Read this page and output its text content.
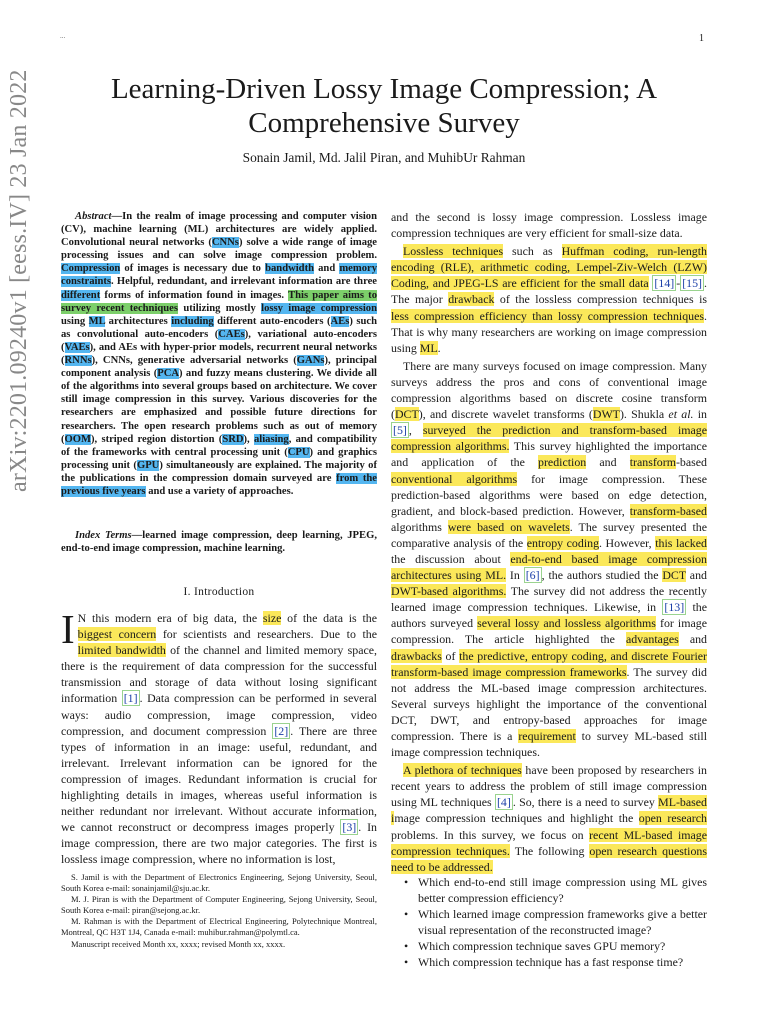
...	1
Learning-Driven Lossy Image Compression; A Comprehensive Survey
Sonain Jamil, Md. Jalil Piran, and MuhibUr Rahman
arXiv:2201.09240v1 [eess.IV] 23 Jan 2022	Abstract—In the realm of image processing and computer vision (CV), machine learning (ML) architectures are widely applied. Convolutional neural networks (CNNs) solve a wide range of image processing issues and can solve image compression problem. Compression of images is necessary due to bandwidth and memory constraints. Helpful, redundant, and irrelevant information are three different forms of information found in images. This paper aims to survey recent techniques utilizing mostly lossy image compression using ML architectures including different auto-encoders (AEs) such as convolutional auto-encoders (CAEs), variational auto-encoders (VAEs), and AEs with hyper-prior models, recurrent neural networks (RNNs), CNNs, generative adversarial networks (GANs), principal component analysis (PCA) and fuzzy means clustering. We divide all of the algorithms into several groups based on architecture. We cover still image compression in this survey. Various discoveries for the researchers are emphasized and possible future directions for researchers. The open research problems such as out of memory (OOM), striped region distortion (SRD), aliasing, and compatibility of the frameworks with central processing unit (CPU) and graphics processing unit (GPU) simultaneously are explained. The majority of the publications in the compression domain surveyed are from the previous five years and use a variety of approaches.
Index Terms—learned image compression, deep learning, JPEG, end-to-end image compression, machine learning.
I. Introduction
I N this modern era of big data, the size of the data is the biggest concern for scientists and researchers. Due to the limited bandwidth of the channel and limited memory space, there is the requirement of data compression for the successful transmission and storage of data without losing significant information [1] . Data compression can be performed in several ways: audio compression, image compression, video compression, and document compression [2] . There are three types of information in an image: useful, redundant, and irrelevant. Irrelevant information can be ignored for the compression of images. Redundant information is crucial for highlighting details in images, whereas useful information is neither redundant nor irrelevant. Without accurate information, we cannot reconstruct or decompress images properly [3] . In image compression, there are two major categories. The first is lossless image compression, where no information is lost,

S. Jamil is with the Department of Electronics Engineering, Sejong University, Seoul, South Korea e-mail: sonainjamil@sju.ac.kr.

M. J. Piran is with the Department of Computer Engineering, Sejong University, Seoul, South Korea e-mail: piran@sejong.ac.kr.

M. Rahman is with the Department of Electrical Engineering, Polytechnique Montreal, Montreal, QC H3T 1J4, Canada e-mail: muhibur.rahman@polymtl.ca.

Manuscript received Month xx, xxxx; revised Month xx, xxxx.

and the second is lossy image compression. Lossless image compression techniques are very efficient for small-size data.

Lossless techniques such as Huffman coding, run-length encoding (RLE), arithmetic coding, Lempel-Ziv-Welch (LZW) Coding, and JPEG-LS are efficient for the small data [14] - [15] . The major drawback of the lossless compression techniques is less compression efficiency than lossy compression techniques. That is why many researchers are working on image compression using ML.

There are many surveys focused on image compression. Many surveys address the pros and cons of conventional image compression algorithms based on discrete cosine transform (DCT), and discrete wavelet transforms (DWT). Shukla et al. in [5] , surveyed the prediction and transform-based image compression algorithms. This survey highlighted the importance and application of the prediction and transform-based conventional algorithms for image compression. These prediction-based algorithms were based on edge detection, gradient, and block-based prediction. However, transform-based algorithms were based on wavelets. The survey presented the comparative analysis of the entropy coding. However, this lacked the discussion about end-to-end based image compression architectures using ML. In [6] , the authors studied the DCT and DWT-based algorithms. The survey did not address the recently learned image compression techniques. Likewise, in [13] the authors surveyed several lossy and lossless algorithms for image compression. The article highlighted the advantages and drawbacks of the predictive, entropy coding, and discrete Fourier transform-based image compression frameworks. The survey did not address the ML-based image compression architectures. Several surveys highlight the importance of the conventional DCT, DWT, and entropy-based approaches for image compression. There is a requirement to survey ML-based still image compression techniques.

A plethora of techniques have been proposed by researchers in recent years to address the problem of still image compression using ML techniques [4] . So, there is a need to survey ML-based image compression techniques and highlight the open research problems. In this survey, we focus on recent ML-based image compression techniques. The following open research questions need to be addressed.

• Which end-to-end still image compression using ML gives better compression efficiency?
• Which learned image compression frameworks give a better visual representation of the reconstructed image?
• Which compression technique saves GPU memory?
• Which compression technique has a fast response time?
